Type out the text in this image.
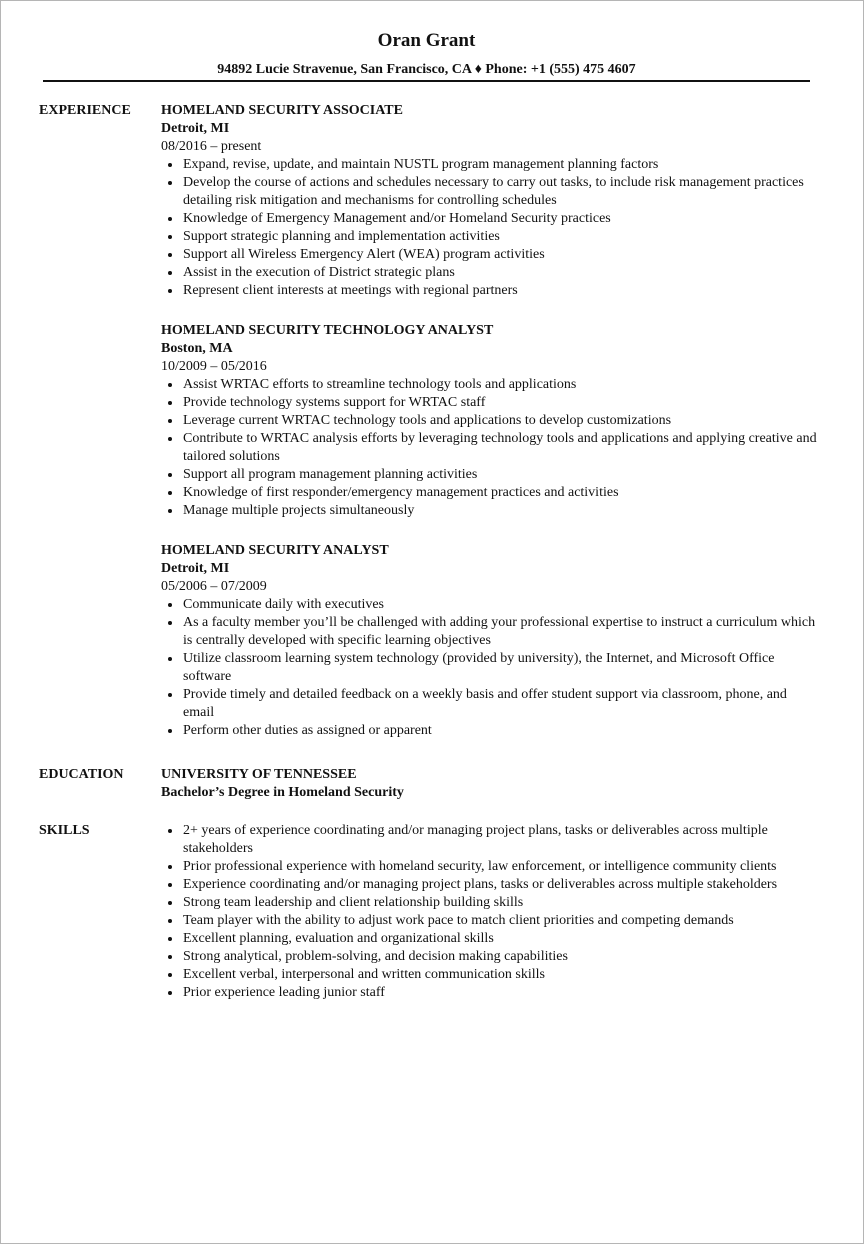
Oran Grant
94892 Lucie Stravenue, San Francisco, CA ♦ Phone: +1 (555) 475 4607
EXPERIENCE HOMELAND SECURITY ASSOCIATE
Detroit, MI
08/2016 – present
Expand, revise, update, and maintain NUSTL program management planning factors
Develop the course of actions and schedules necessary to carry out tasks, to include risk management practices detailing risk mitigation and mechanisms for controlling schedules
Knowledge of Emergency Management and/or Homeland Security practices
Support strategic planning and implementation activities
Support all Wireless Emergency Alert (WEA) program activities
Assist in the execution of District strategic plans
Represent client interests at meetings with regional partners
HOMELAND SECURITY TECHNOLOGY ANALYST
Boston, MA
10/2009 – 05/2016
Assist WRTAC efforts to streamline technology tools and applications
Provide technology systems support for WRTAC staff
Leverage current WRTAC technology tools and applications to develop customizations
Contribute to WRTAC analysis efforts by leveraging technology tools and applications and applying creative and tailored solutions
Support all program management planning activities
Knowledge of first responder/emergency management practices and activities
Manage multiple projects simultaneously
HOMELAND SECURITY ANALYST
Detroit, MI
05/2006 – 07/2009
Communicate daily with executives
As a faculty member you’ll be challenged with adding your professional expertise to instruct a curriculum which is centrally developed with specific learning objectives
Utilize classroom learning system technology (provided by university), the Internet, and Microsoft Office software
Provide timely and detailed feedback on a weekly basis and offer student support via classroom, phone, and email
Perform other duties as assigned or apparent
EDUCATION	UNIVERSITY OF TENNESSEE
Bachelor’s Degree in Homeland Security
SKILLS	2+ years of experience coordinating and/or managing project plans, tasks or deliverables across multiple stakeholders
Prior professional experience with homeland security, law enforcement, or intelligence community clients
Experience coordinating and/or managing project plans, tasks or deliverables across multiple stakeholders
Strong team leadership and client relationship building skills
Team player with the ability to adjust work pace to match client priorities and competing demands
Excellent planning, evaluation and organizational skills
Strong analytical, problem-solving, and decision making capabilities
Excellent verbal, interpersonal and written communication skills
Prior experience leading junior staff
